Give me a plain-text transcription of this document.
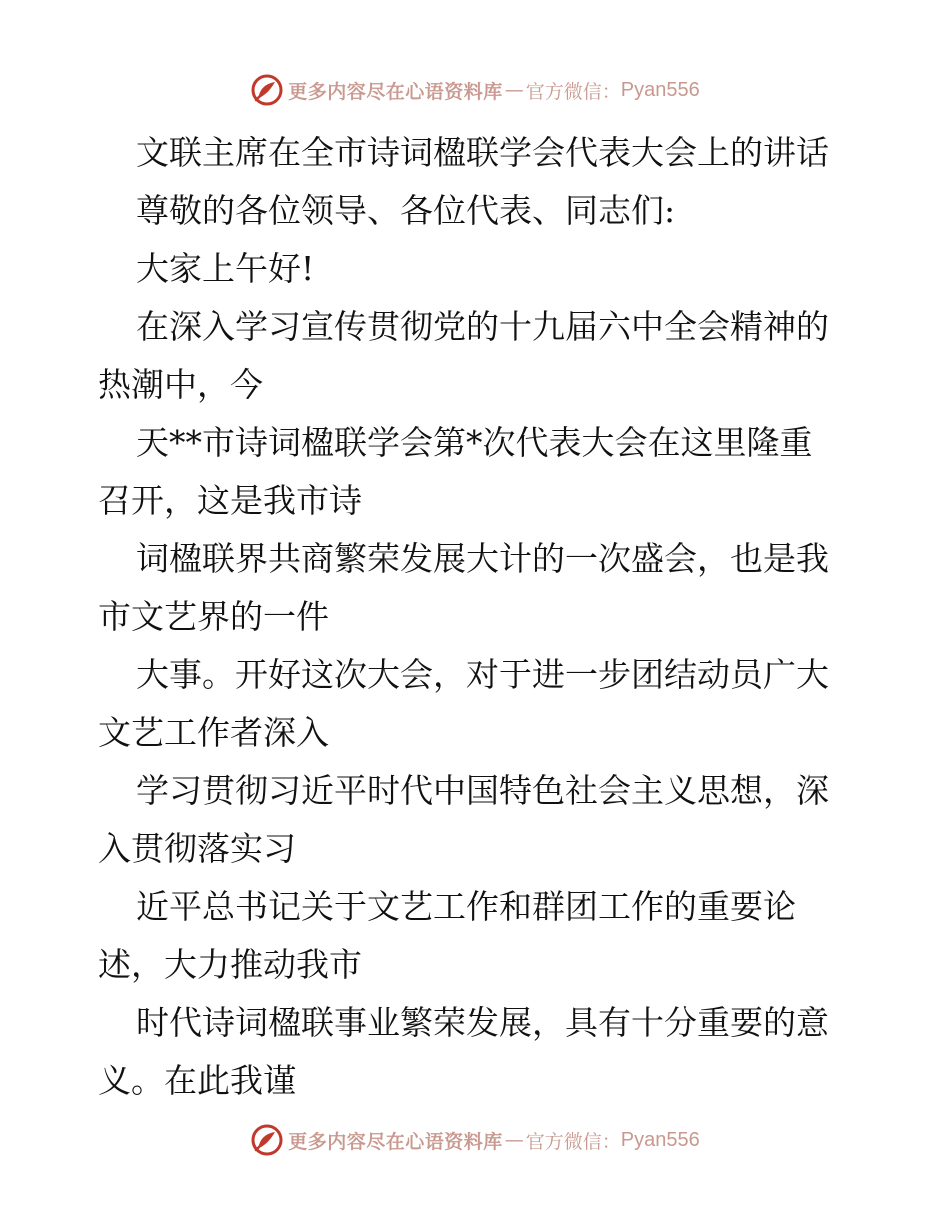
更多内容尽在心语资料库 — 官方微信： Pyan556
文联主席在全市诗词楹联学会代表大会上的讲话
尊敬的各位领导、各位代表、同志们:
大家上午好!
在深入学习宣传贯彻党的十九届六中全会精神的
热潮中，今
天**市诗词楹联学会第*次代表大会在这里隆重
召开，这是我市诗
词楹联界共商繁荣发展大计的一次盛会，也是我
市文艺界的一件
大事。开好这次大会，对于进一步团结动员广大
文艺工作者深入
学习贯彻习近平时代中国特色社会主义思想，深
入贯彻落实习
近平总书记关于文艺工作和群团工作的重要论
述，大力推动我市
时代诗词楹联事业繁荣发展，具有十分重要的意
义。在此我谨
更多内容尽在心语资料库 — 官方微信： Pyan556
